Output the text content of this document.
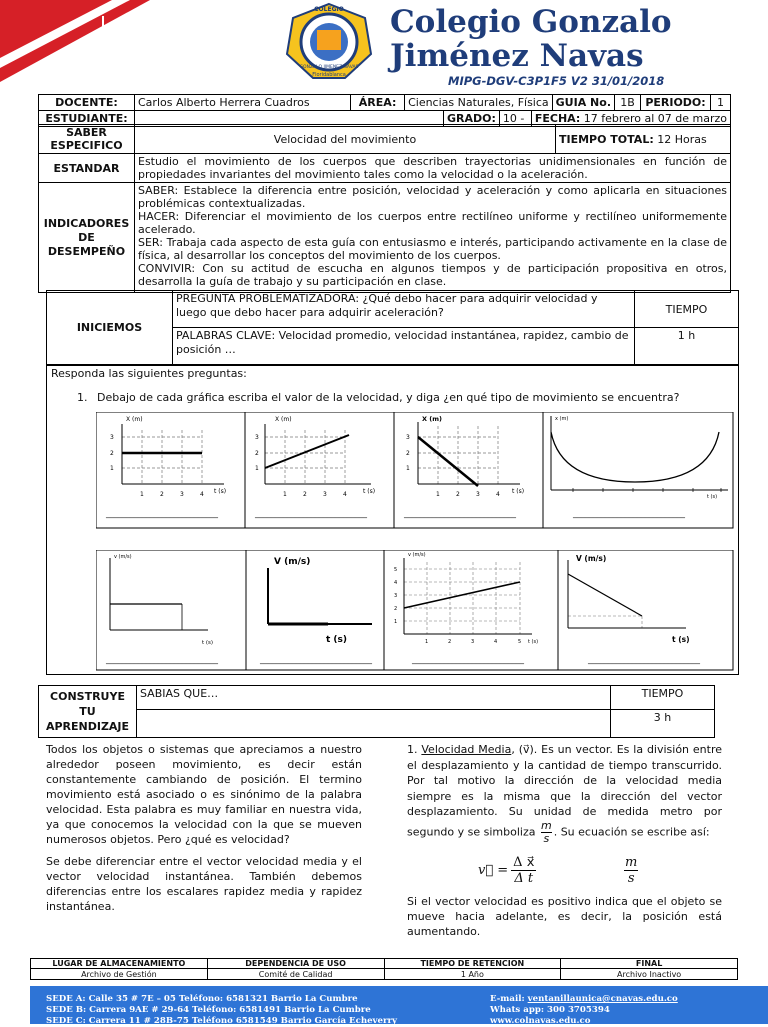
COLEGIO
GONZALO JIMENEZ NAVAS
Floridablanca
Colegio Gonzalo
Jiménez Navas
MIPG-DGV-C3P1F5 V2 31/01/2018
DOCENTE:	Carlos Alberto Herrera Cuadros	ÁREA:	Ciencias Naturales, Física	GUIA No.	1B	PERIODO:	1
ESTUDIANTE:		GRADO:	10 -	FECHA: 17 febrero al 07 de marzo
SABER ESPECIFICO	Velocidad del movimiento	TIEMPO TOTAL: 12 Horas
ESTANDAR	Estudio el movimiento de los cuerpos que describen trayectorias unidimensionales en función de propiedades invariantes del movimiento tales como la velocidad o la aceleración.	
INDICADORES DE DESEMPEÑO	SABER: Establece la diferencia entre posición, velocidad y aceleración y como aplicarla en situaciones problémicas contextualizadas.
HACER: Diferenciar el movimiento de los cuerpos entre rectilíneo uniforme y rectilíneo uniformemente acelerado.
SER: Trabaja cada aspecto de esta guía con entusiasmo e interés, participando activamente en la clase de física, al desarrollar los conceptos del movimiento de los cuerpos.
CONVIVIR: Con su actitud de escucha en algunos tiempos y de participación propositiva en otros, desarrolla la guía de trabajo y su participación en clase.	
INICIEMOS	PREGUNTA PROBLEMATIZADORA: ¿Qué debo hacer para adquirir velocidad y luego que debo hacer para adquirir aceleración?	TIEMPO
	PALABRAS CLAVE: Velocidad promedio, velocidad instantánea, rapidez, cambio de posición …	1 h
Responda las siguientes preguntas:
1. Debajo de cada gráfica escriba el valor de la velocidad, y diga ¿en qué tipo de movimiento se encuentra?
X (m)
3
2
1
1	2	3	4 t (s)
____________________________
X (m)
3
2
1
1	2	3	4	t (s)
____________________________
X (m)
3
2
1
1	2	3	4 t (s)
____________________________
x (m)
t (s)
____________________________
v (m/s)
t (s)
____________________________
V (m/s)
t (s)
____________________________
v (m/s)
5
4
3
2
1
1	2	3	4	5 t (s)
____________________________
V (m/s)
t (s)
____________________________
CONSTRUYE TU APRENDIZAJE	SABIAS QUE…	TIEMPO
		3 h

Todos los objetos o sistemas que apreciamos a nuestro alrededor poseen movimiento, es decir están constantemente cambiando de posición. El termino movimiento está asociado o es sinónimo de la palabra velocidad. Esta palabra es muy familiar en nuestra vida, ya que conocemos la velocidad con la que se mueven numerosos objetos. Pero ¿qué es velocidad?

Se debe diferenciar entre el vector velocidad media y el vector velocidad instantánea. También debemos diferencias entre los escalares rapidez media y rapidez instantánea.

1. Velocidad Media, (v⃗). Es un vector. Es la división entre el desplazamiento y la cantidad de tiempo transcurrido. Por tal motivo la dirección de la velocidad media siempre es la misma que la dirección del vector desplazamiento. Su unidad de medida metro por segundo y se simboliza $\frac{m}{s}$ . Su ecuación se escribe así:
v⃗ = $\frac{\text{Δ x⃗}}{\text{Δ t}}$	$\frac{m}{s}$
Si el vector velocidad es positivo indica que el objeto se mueve hacia adelante, es decir, la posición está aumentando.
LUGAR DE ALMACENAMIENTO	DEPENDENCIA DE USO	TIEMPO DE RETENCION	FINAL
Archivo de Gestión	Comité de Calidad	1 Año	Archivo Inactivo
SEDE A: Calle 35 # 7E – 05 Teléfono: 6581321 Barrio La Cumbre
SEDE B: Carrera 9AE # 29-64 Teléfono: 6581491 Barrio La Cumbre
SEDE C: Carrera 11 # 28B-75 Teléfono 6581549 Barrio García Echeverry
E-mail: ventanillaunica@cnavas.edu.co
Whats app: 300 3705394
www.colnavas.edu.co
